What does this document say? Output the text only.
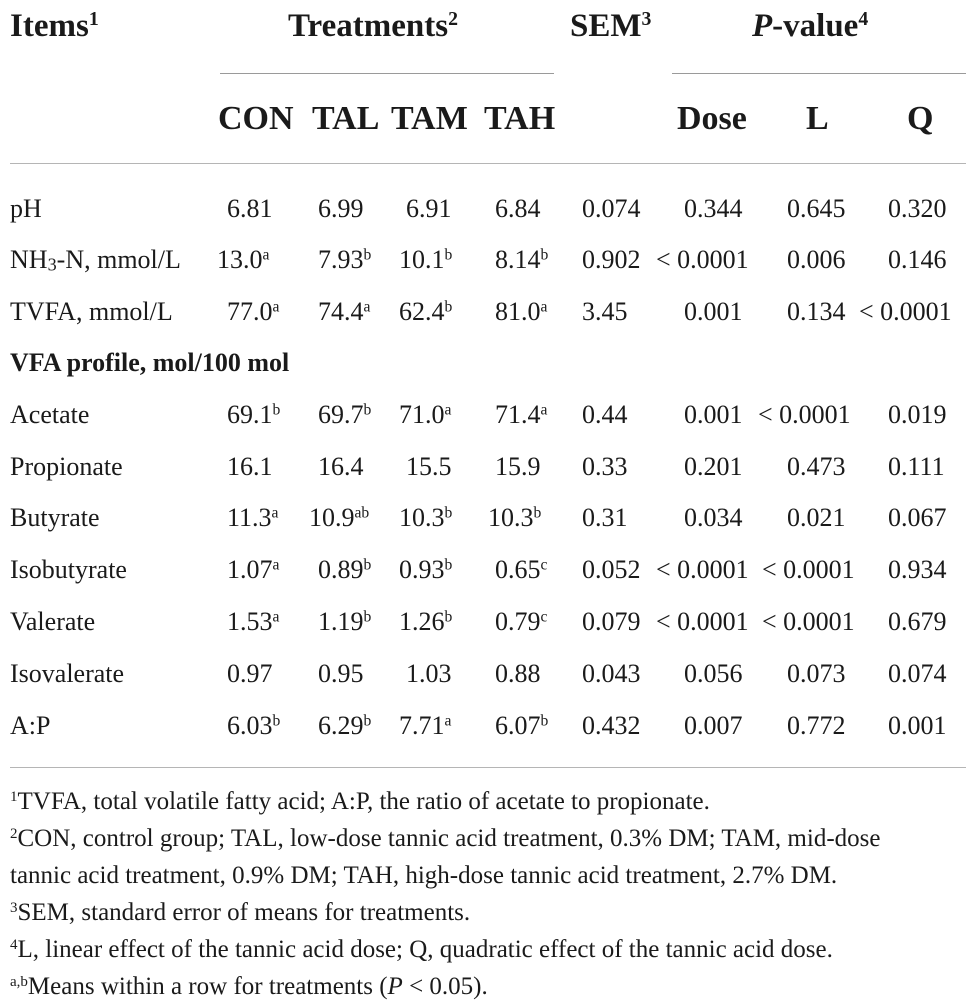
Items$^1$	Treatments$^2$	SEM$^3$	P-value$^4$
CON TAL TAM TAH	Dose L Q
pH	6.81 6.99 6.91 6.84 0.074 0.344 0.645 0.320
$NH_3-N$, mmol/L 13.0$^a$ 7.93$^b$ 10.1$^b$ 8.14$^b$ 0.902 < 0.0001 0.006 0.146
TVFA, mmol/L 77.0$^a$ 74.4$^a$ 62.4$^b$ 81.0$^a$ 3.45 0.001 0.134 < 0.0001
VFA profile, mol/100 mol
Acetate	69.1$^b$ 69.7$^b$ 71.0$^a$ 71.4$^a$ 0.44 0.001 < 0.0001 0.019
Propionate	16.1 16.4 15.5 15.9 0.33 0.201 0.473 0.111
Butyrate	11.3$^a$ 10.9$^{ab}$ 10.3$^b$ 10.3$^b$ 0.31 0.034 0.021 0.067
Isobutyrate	1.07$^a$ 0.89$^b$ 0.93$^b$ 0.65$^c$ 0.052 < 0.0001 < 0.0001 0.934
Valerate	1.53$^a$ 1.19$^b$ 1.26$^b$ 0.79$^c$ 0.079 < 0.0001 < 0.0001 0.679
Isovalerate	0.97 0.95 1.03 0.88 0.043 0.056 0.073 0.074
A:P	6.03$^b$ 6.29$^b$ 7.71$^a$ 6.07$^b$ 0.432 0.007 0.772 0.001
$^1$TVFA, total volatile fatty acid; A:P, the ratio of acetate to propionate.
$^2$CON, control group; TAL, low-dose tannic acid treatment, 0.3% DM; TAM, mid-dose
tannic acid treatment, 0.9% DM; TAH, high-dose tannic acid treatment, 2.7% DM.
$^3$SEM, standard error of means for treatments.
$^4$L, linear effect of the tannic acid dose; Q, quadratic effect of the tannic acid dose.
$^{a,b}$Means within a row for treatments (P < 0.05).
